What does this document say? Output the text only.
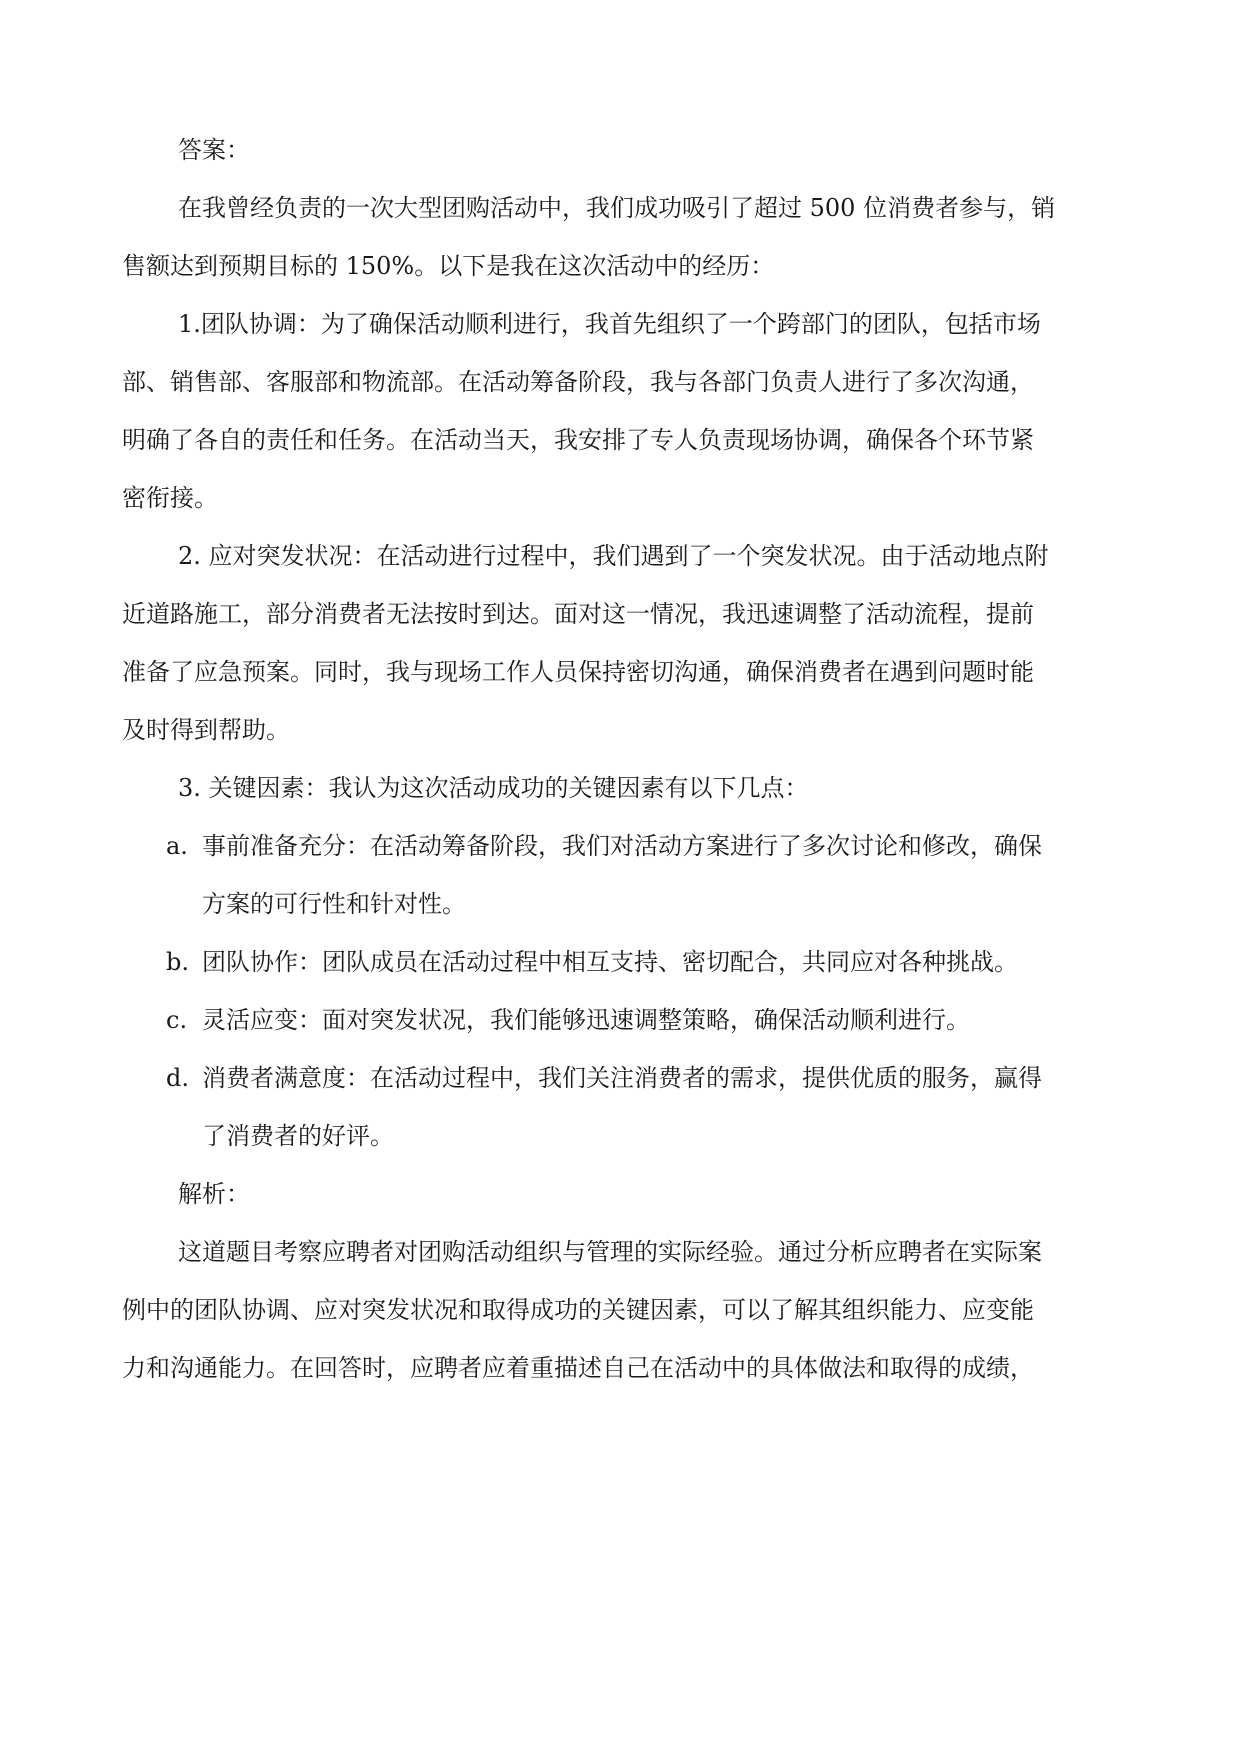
答案：
在我曾经负责的一次大型团购活动中，我们成功吸引了超过 500 位消费者参与，销
售额达到预期目标的 150%。以下是我在这次活动中的经历：
1.团队协调：为了确保活动顺利进行，我首先组织了一个跨部门的团队，包括市场
部、销售部、客服部和物流部。在活动筹备阶段，我与各部门负责人进行了多次沟通，
明确了各自的责任和任务。在活动当天，我安排了专人负责现场协调，确保各个环节紧
密衔接。
2. 应对突发状况：在活动进行过程中，我们遇到了一个突发状况。由于活动地点附
近道路施工，部分消费者无法按时到达。面对这一情况，我迅速调整了活动流程，提前
准备了应急预案。同时，我与现场工作人员保持密切沟通，确保消费者在遇到问题时能
及时得到帮助。
3. 关键因素：我认为这次活动成功的关键因素有以下几点：
a. 事前准备充分：在活动筹备阶段，我们对活动方案进行了多次讨论和修改，确保
方案的可行性和针对性。
b. 团队协作：团队成员在活动过程中相互支持、密切配合，共同应对各种挑战。
c. 灵活应变：面对突发状况，我们能够迅速调整策略，确保活动顺利进行。
d. 消费者满意度：在活动过程中，我们关注消费者的需求，提供优质的服务，赢得
了消费者的好评。
解析：
这道题目考察应聘者对团购活动组织与管理的实际经验。通过分析应聘者在实际案
例中的团队协调、应对突发状况和取得成功的关键因素，可以了解其组织能力、应变能
力和沟通能力。在回答时，应聘者应着重描述自己在活动中的具体做法和取得的成绩，
